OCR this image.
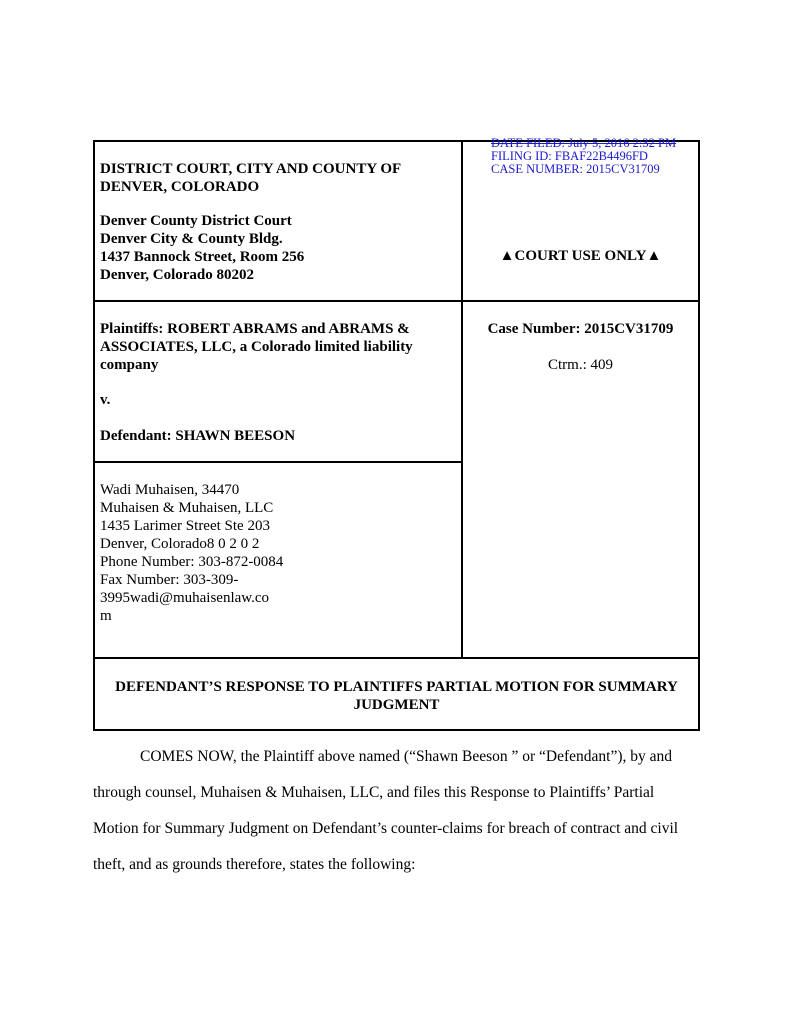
DATE FILED: July 5, 2016 2:32 PM
FILING ID: FBAF22B4496FD
CASE NUMBER: 2015CV31709
DISTRICT COURT, CITY AND COUNTY OF
DENVER, COLORADO
Denver County District Court
Denver City & County Bldg.
1437 Bannock Street, Room 256
Denver, Colorado 80202
▲COURT USE ONLY▲
Plaintiffs: ROBERT ABRAMS and ABRAMS &
ASSOCIATES, LLC, a Colorado limited liability
company
v.
Defendant: SHAWN BEESON
Case Number: 2015CV31709
Ctrm.: 409
Wadi Muhaisen, 34470
Muhaisen & Muhaisen, LLC
1435 Larimer Street Ste 203
Denver, Colorado8 0 2 0 2
Phone Number: 303-872-0084
Fax Number: 303-309-
3995wadi@muhaisenlaw.co
m
DEFENDANT’S RESPONSE TO PLAINTIFFS PARTIAL MOTION FOR SUMMARY
JUDGMENT
COMES NOW, the Plaintiff above named (“Shawn Beeson ” or “Defendant”), by and
through counsel, Muhaisen & Muhaisen, LLC, and files this Response to Plaintiffs’ Partial
Motion for Summary Judgment on Defendant’s counter-claims for breach of contract and civil
theft, and as grounds therefore, states the following:
